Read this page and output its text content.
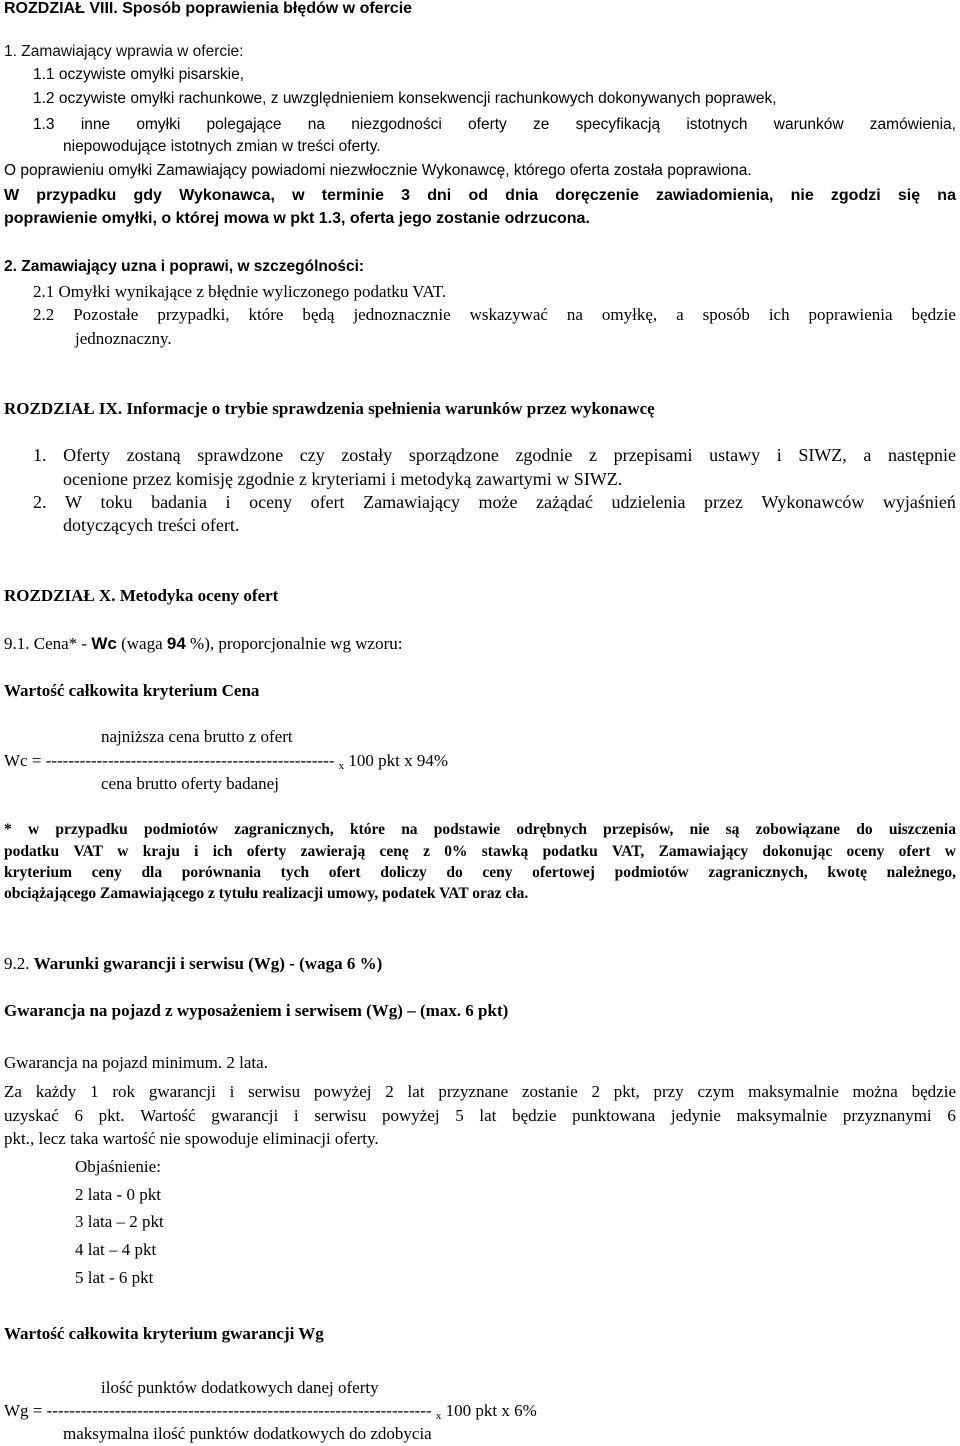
ROZDZIAŁ VIII. Sposób poprawienia błędów w ofercie
1. Zamawiający wprawia w ofercie:
1.1 oczywiste omyłki pisarskie,
1.2 oczywiste omyłki rachunkowe, z uwzględnieniem konsekwencji rachunkowych dokonywanych poprawek,
1.3 inne omyłki polegające na niezgodności oferty ze specyfikacją istotnych warunków zamówienia,
niepowodujące istotnych zmian w treści oferty.
O poprawieniu omyłki Zamawiający powiadomi niezwłocznie Wykonawcę, którego oferta została poprawiona.
W przypadku gdy Wykonawca, w terminie 3 dni od dnia doręczenie zawiadomienia, nie zgodzi się na
poprawienie omyłki, o której mowa w pkt 1.3, oferta jego zostanie odrzucona.
2. Zamawiający uzna i poprawi, w szczególności:
2.1 Omyłki wynikające z błędnie wyliczonego podatku VAT.
2.2 Pozostałe przypadki, które będą jednoznacznie wskazywać na omyłkę, a sposób ich poprawienia będzie
jednoznaczny.
ROZDZIAŁ IX. Informacje o trybie sprawdzenia spełnienia warunków przez wykonawcę
1. Oferty zostaną sprawdzone czy zostały sporządzone zgodnie z przepisami ustawy i SIWZ, a następnie
ocenione przez komisję zgodnie z kryteriami i metodyką zawartymi w SIWZ.
2. W toku badania i oceny ofert Zamawiający może zażądać udzielenia przez Wykonawców wyjaśnień
dotyczących treści ofert.
ROZDZIAŁ X. Metodyka oceny ofert
9.1. Cena* - Wc (waga 94 %), proporcjonalnie wg wzoru:
Wartość całkowita kryterium Cena
najniższa cena brutto z ofert
Wc = --------------------------------------------------- $_x$ 100 pkt x 94%
cena brutto oferty badanej
* w przypadku podmiotów zagranicznych, które na podstawie odrębnych przepisów, nie są zobowiązane do uiszczenia
podatku VAT w kraju i ich oferty zawierają cenę z 0% stawką podatku VAT, Zamawiający dokonując oceny ofert w
kryterium ceny dla porównania tych ofert doliczy do ceny ofertowej podmiotów zagranicznych, kwotę należnego,
obciążającego Zamawiającego z tytułu realizacji umowy, podatek VAT oraz cła.
9.2. Warunki gwarancji i serwisu (Wg) - (waga 6 %)
Gwarancja na pojazd z wyposażeniem i serwisem (Wg) – (max. 6 pkt)
Gwarancja na pojazd minimum. 2 lata.
Za każdy 1 rok gwarancji i serwisu powyżej 2 lat przyznane zostanie 2 pkt, przy czym maksymalnie można będzie
uzyskać 6 pkt. Wartość gwarancji i serwisu powyżej 5 lat będzie punktowana jedynie maksymalnie przyznanymi 6
pkt., lecz taka wartość nie spowoduje eliminacji oferty.
Objaśnienie:
2 lata - 0 pkt
3 lata – 2 pkt
4 lat – 4 pkt
5 lat - 6 pkt
Wartość całkowita kryterium gwarancji Wg
ilość punktów dodatkowych danej oferty
Wg = -------------------------------------------------------------------- $_x$ 100 pkt x 6%
maksymalna ilość punktów dodatkowych do zdobycia
